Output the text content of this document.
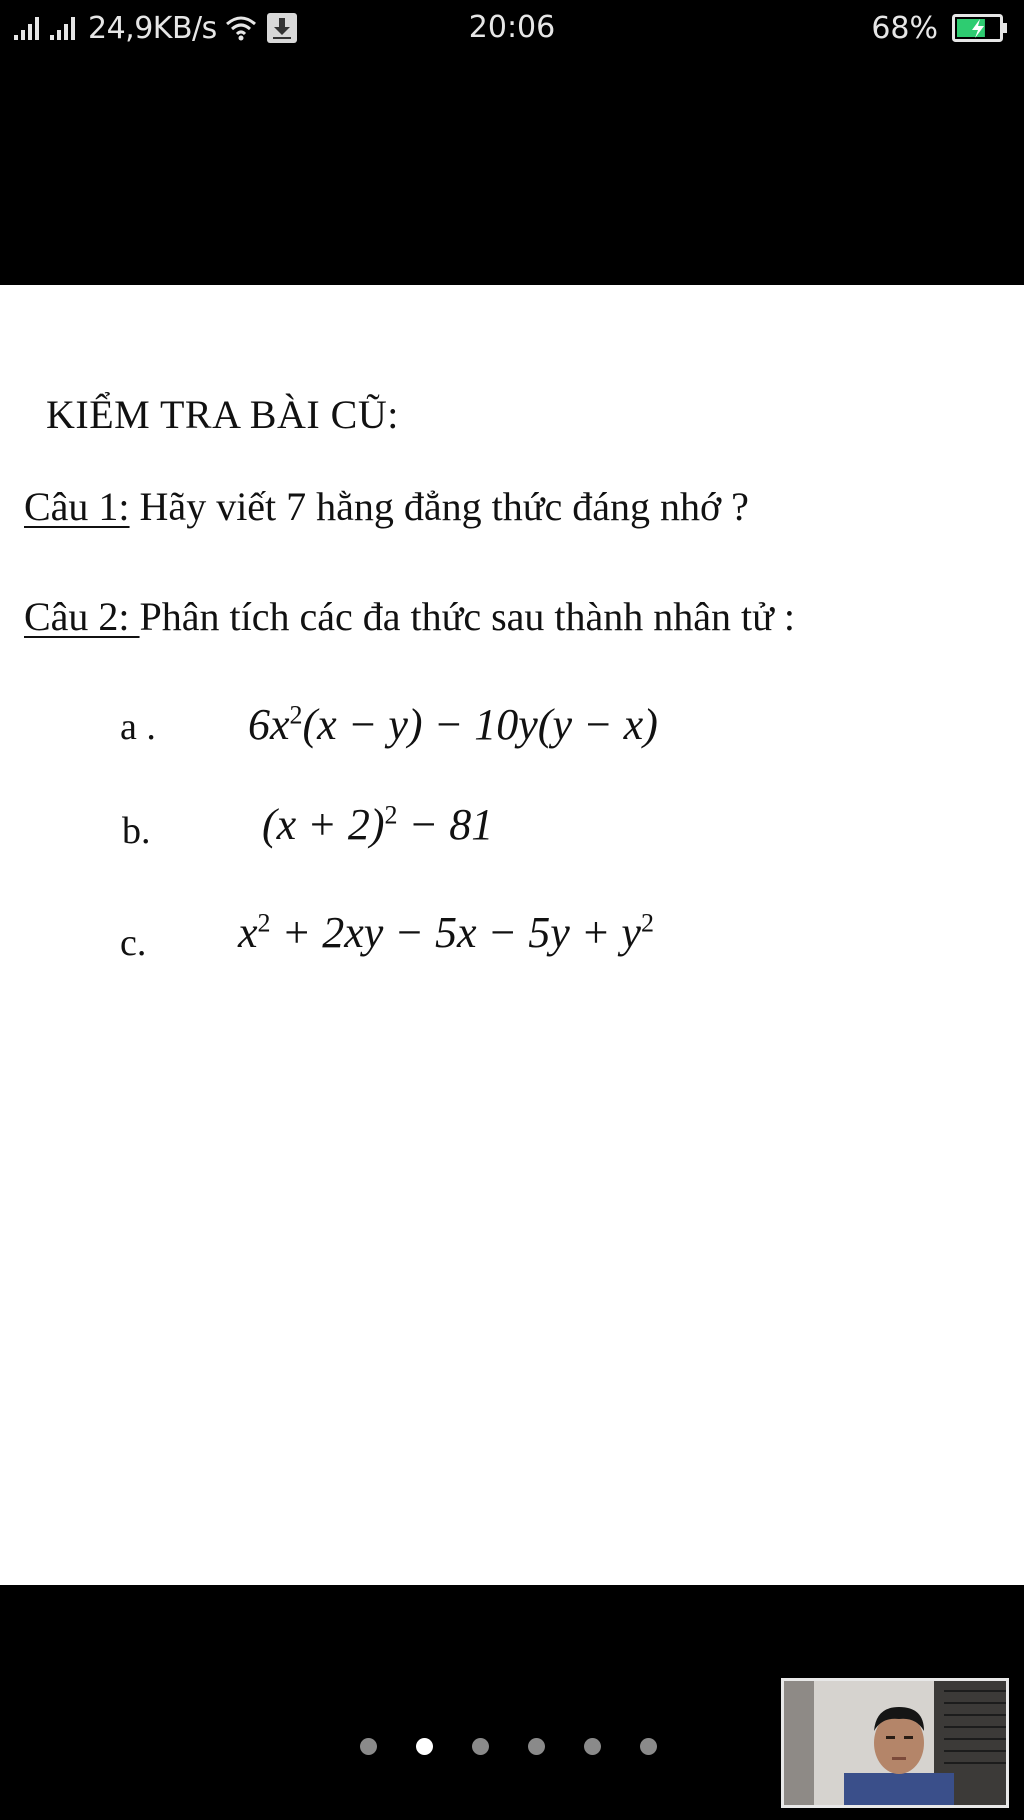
24,9KB/s	20:06	68%
KIỂM TRA BÀI CŨ:
Câu 1: Hãy viết 7 hằng đẳng thức đáng nhớ ?
Câu 2: Phân tích các đa thức sau thành nhân tử :
a . $6x^2(x - y) - 10y(y - x)$
b.	$(x + 2)^2 - 81$
c. $x^2 + 2xy - 5x - 5y + y^2$
